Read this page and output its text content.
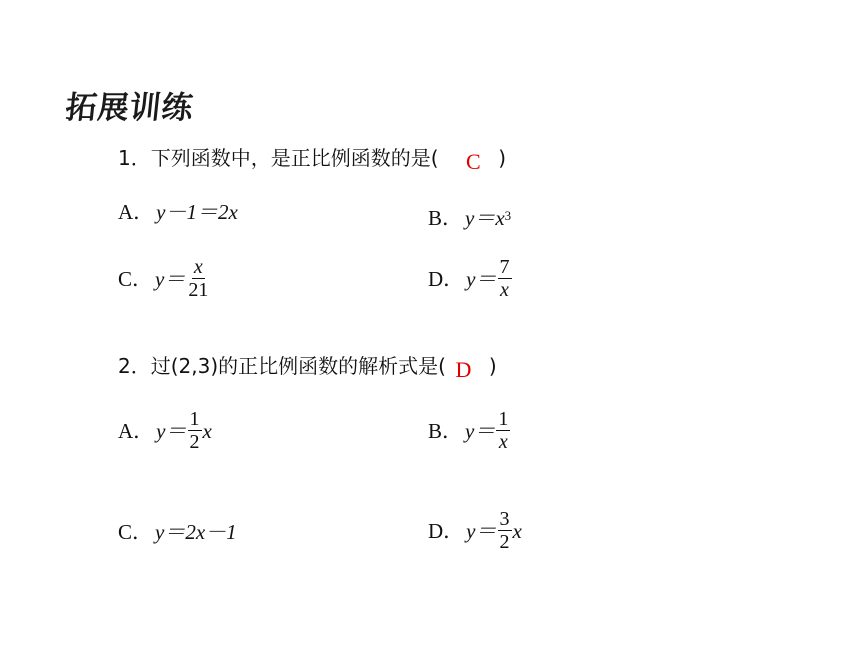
拓展训练
1．下列函数中，是正比例函数的是( C )
A． y－1＝2x	B． $y=x^3$
C． $y= \frac{x}{21}$	D． $y= \frac{7}{x}$
2．过(2,3)的正比例函数的解析式是( D )
A． $y= \frac{1}{2}$ x	B． $y= \frac{1}{x}$
C． y＝2x－1	D． $y= \frac{3}{2}$ x
